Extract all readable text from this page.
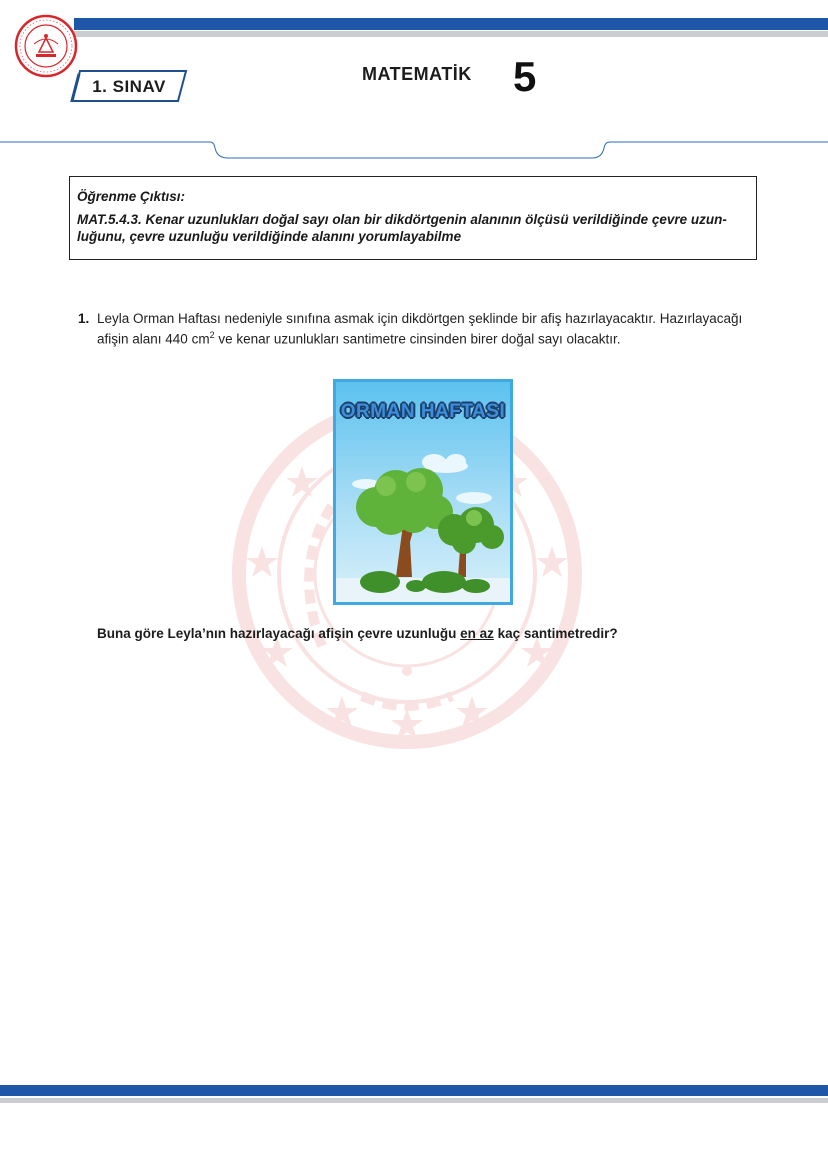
1. SINAV
MATEMATİK 5
Öğrenme Çıktısı:
MAT.5.4.3. Kenar uzunlukları doğal sayı olan bir dikdörtgenin alanının ölçüsü verildiğinde çevre uzun-
luğunu, çevre uzunluğu verildiğinde alanını yorumlayabilme
1. Leyla Orman Haftası nedeniyle sınıfına asmak için dikdörtgen şeklinde bir afiş hazırlayacaktır. Hazırlayacağı
afişin alanı 440 $cm^2$ ve kenar uzunlukları santimetre cinsinden birer doğal sayı olacaktır.
ORMAN HAFTASI
Buna göre Leyla’nın hazırlayacağı afişin çevre uzunluğu en az kaç santimetredir?
